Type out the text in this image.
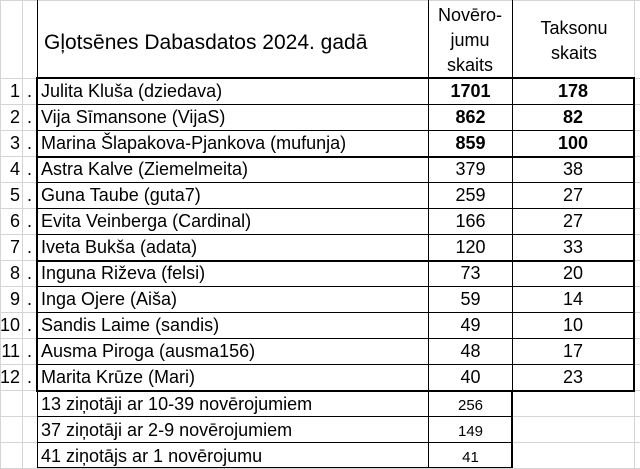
Gļotsēnes Dabasdatos 2024. gadā
Novēro-
jumu
skaits
Taksonu
skaits
1 . Julita Kluša (dziedava)	1701	178
2 . Vija Sīmansone (VijaS)	862	82
3 . Marina Šlapakova-Pjankova (mufunja)	859	100
4 . Astra Kalve (Ziemelmeita)	379	38
5 . Guna Taube (guta7)	259	27
6 . Evita Veinberga (Cardinal)	166	27
7 . Iveta Bukša (adata)	120	33
8 . Inguna Riževa (felsi)	73	20
9 . Inga Ojere (Aiša)	59	14
10 . Sandis Laime (sandis)	49	10
11 . Ausma Piroga (ausma156)	48	17
12 . Marita Krūze (Mari)	40	23
13 ziņotāji ar 10-39 novērojumiem	256
37 ziņotāji ar 2-9 novērojumiem	149
41 ziņotājs ar 1 novērojumu	41
